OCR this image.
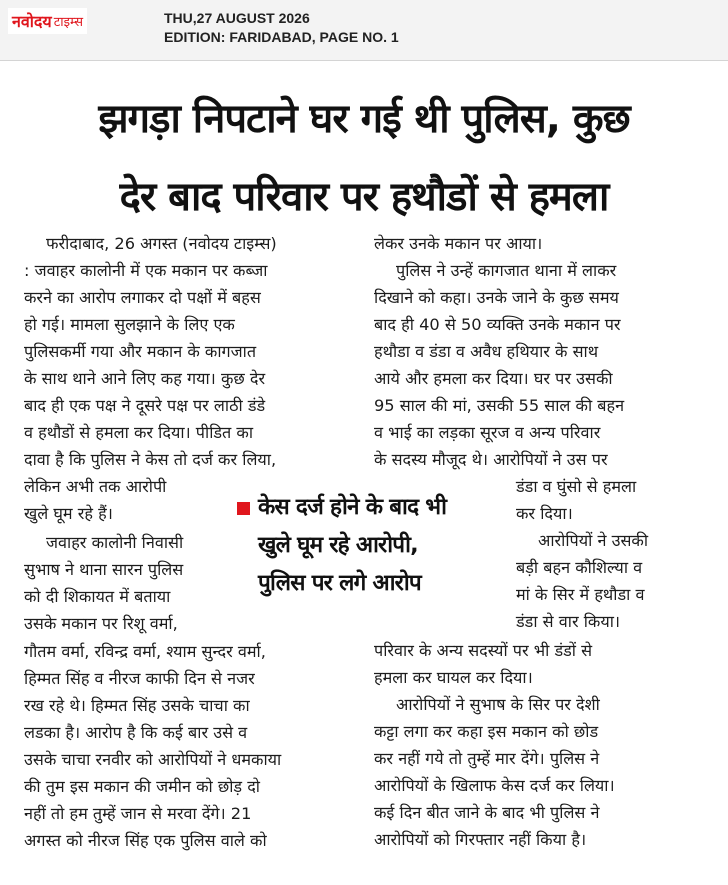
नवोदय टाइम्स	THU,27 AUGUST 2026
EDITION: FARIDABAD, PAGE NO. 1
झगड़ा निपटाने घर गई थी पुलिस, कुछ
देर बाद परिवार पर हथौडों से हमला

फरीदाबाद, 26 अगस्त (नवोदय टाइम्स)

: जवाहर कालोनी में एक मकान पर कब्जा

करने का आरोप लगाकर दो पक्षों में बहस

हो गई। मामला सुलझाने के लिए एक

पुलिसकर्मी गया और मकान के कागजात

के साथ थाने आने लिए कह गया। कुछ देर

बाद ही एक पक्ष ने दूसरे पक्ष पर लाठी डंडे

व हथौडों से हमला कर दिया। पीडित का

दावा है कि पुलिस ने केस तो दर्ज कर लिया,

लेकिन अभी तक आरोपी

खुले घूम रहे हैं।

जवाहर कालोनी निवासी

सुभाष ने थाना सारन पुलिस

को दी शिकायत में बताया

उसके मकान पर रिशू वर्मा,

गौतम वर्मा, रविन्द्र वर्मा, श्याम सुन्दर वर्मा,

हिम्मत सिंह व नीरज काफी दिन से नजर

रख रहे थे। हिम्मत सिंह उसके चाचा का

लडका है। आरोप है कि कई बार उसे व

उसके चाचा रनवीर को आरोपियों ने धमकाया

की तुम इस मकान की जमीन को छोड़ दो

नहीं तो हम तुम्हें जान से मरवा देंगे। 21

अगस्त को नीरज सिंह एक पुलिस वाले को

लेकर उनके मकान पर आया।

पुलिस ने उन्हें कागजात थाना में लाकर

दिखाने को कहा। उनके जाने के कुछ समय

बाद ही 40 से 50 व्यक्ति उनके मकान पर

हथौडा व डंडा व अवैध हथियार के साथ

आये और हमला कर दिया। घर पर उसकी

95 साल की मां, उसकी 55 साल की बहन

व भाई का लड़का सूरज व अन्य परिवार

के सदस्य मौजूद थे। आरोपियों ने उस पर

डंडा व घुंसो से हमला

कर दिया।

आरोपियों ने उसकी

बड़ी बहन कौशिल्या व

मां के सिर में हथौडा व

डंडा से वार किया।

परिवार के अन्य सदस्यों पर भी डंडों से

हमला कर घायल कर दिया।

आरोपियों ने सुभाष के सिर पर देशी

कट्टा लगा कर कहा इस मकान को छोड

कर नहीं गये तो तुम्हें मार देंगे। पुलिस ने

आरोपियों के खिलाफ केस दर्ज कर लिया।

कई दिन बीत जाने के बाद भी पुलिस ने

आरोपियों को गिरफ्तार नहीं किया है।

केस दर्ज होने के बाद भी
खुले घूम रहे आरोपी,
पुलिस पर लगे आरोप
